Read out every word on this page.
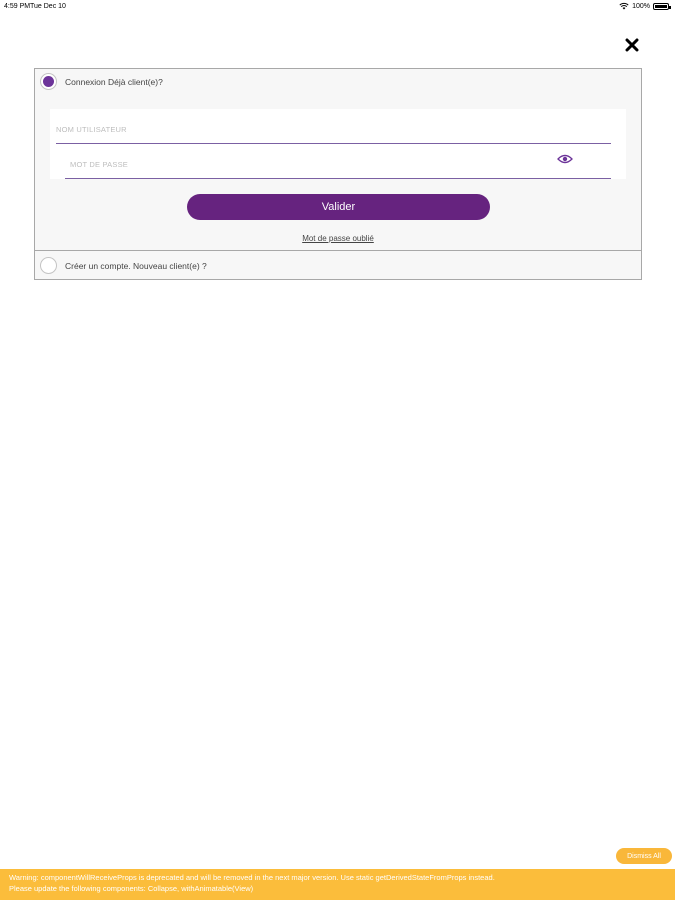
4:59 PM Tue Dec 10	100%
Connexion Déjà client(e)?
NOM UTILISATEUR
MOT DE PASSE
Valider
Mot de passe oublié
Créer un compte. Nouveau client(e) ?
Dismiss All
Warning: componentWillReceiveProps is deprecated and will be removed in the next major version. Use static getDerivedStateFromProps instead.
Please update the following components: Collapse, withAnimatable(View)
